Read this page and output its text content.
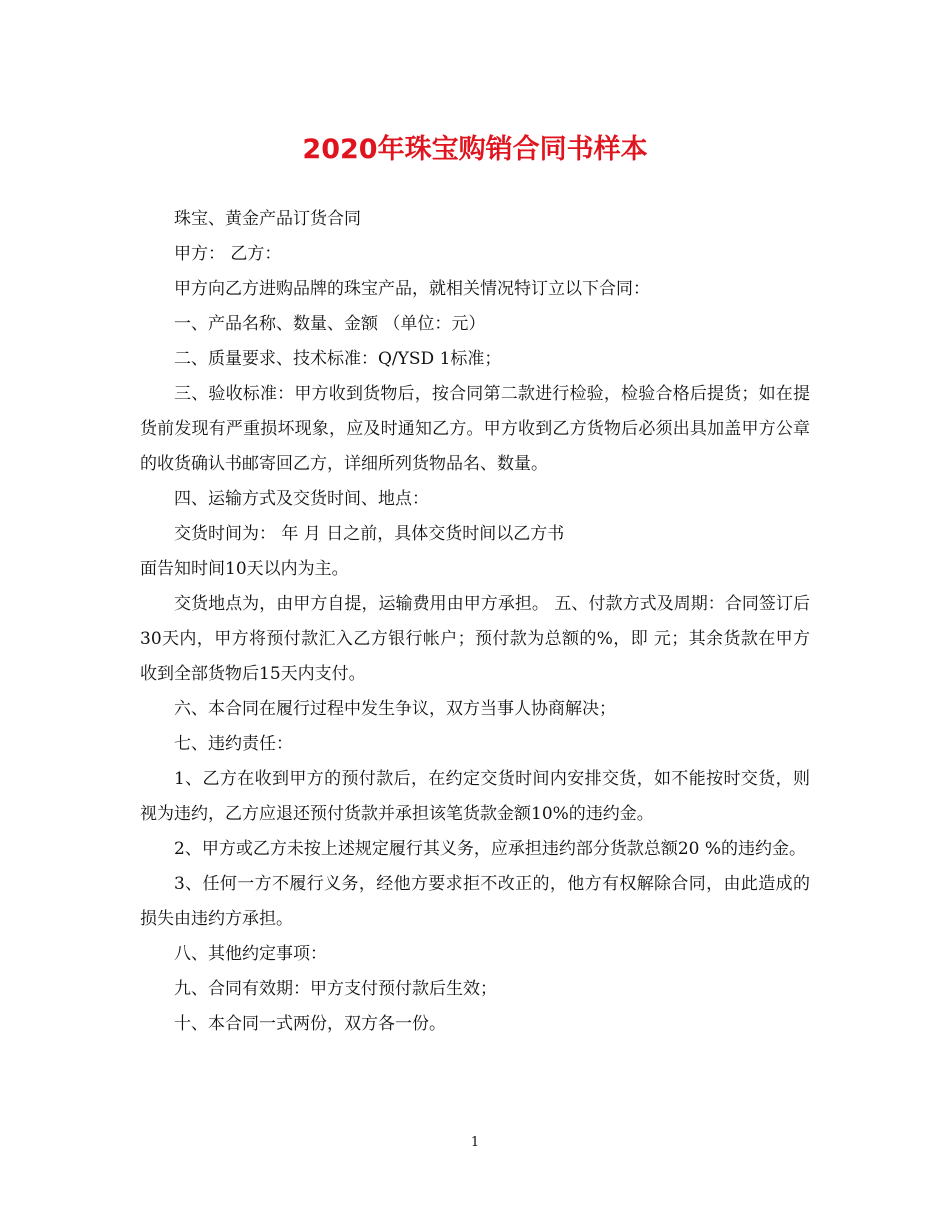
2020年珠宝购销合同书样本

珠宝、黄金产品订货合同

甲方： 乙方：

甲方向乙方进购品牌的珠宝产品，就相关情况特订立以下合同：

一、产品名称、数量、金额 （单位：元）

二、质量要求、技术标准：Q/YSD 1标准；

三、验收标准：甲方收到货物后，按合同第二款进行检验，检验合格后提货；如在提货前发现有严重损坏现象，应及时通知乙方。甲方收到乙方货物后必须出具加盖甲方公章的收货确认书邮寄回乙方，详细所列货物品名、数量。

四、运输方式及交货时间、地点：

交货时间为： 年 月 日之前，具体交货时间以乙方书

面告知时间10天以内为主。

交货地点为，由甲方自提，运输费用由甲方承担。 五、付款方式及周期：合同签订后30天内，甲方将预付款汇入乙方银行帐户；预付款为总额的%，即 元；其余货款在甲方收到全部货物后15天内支付。

六、本合同在履行过程中发生争议，双方当事人协商解决；

七、违约责任：

1、乙方在收到甲方的预付款后，在约定交货时间内安排交货，如不能按时交货，则视为违约，乙方应退还预付货款并承担该笔货款金额10%的违约金。

2、甲方或乙方未按上述规定履行其义务，应承担违约部分货款总额20 %的违约金。

3、任何一方不履行义务，经他方要求拒不改正的，他方有权解除合同，由此造成的损失由违约方承担。

八、其他约定事项：

九、合同有效期：甲方支付预付款后生效；

十、本合同一式两份，双方各一份。

1
